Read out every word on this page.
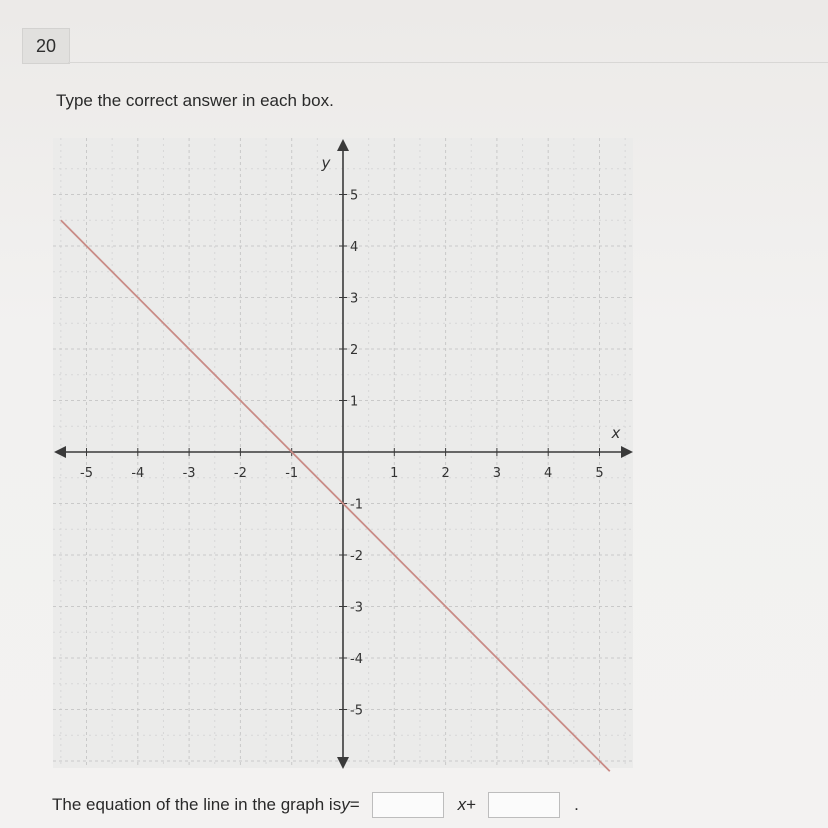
20
Type the correct answer in each box.
-5	-4	-3	-2	-1	1	2	3	4	5
5
4
3
2
1
-1
-2
-3
-4
-5
x
y
The equation of the line in the graph is y =	x +	.
